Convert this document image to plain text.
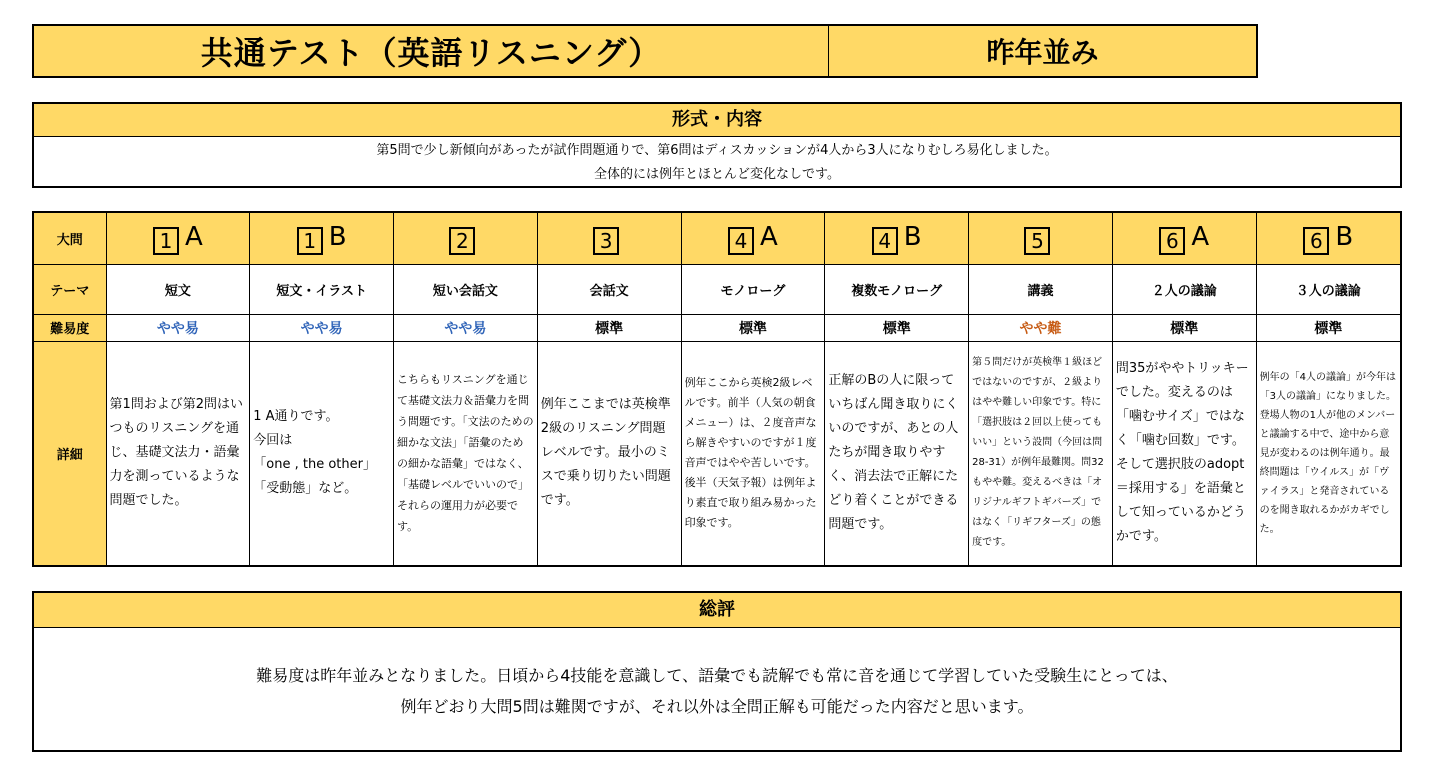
共通テスト（英語リスニング）	昨年並み
形式・内容
第5問で少し新傾向があったが試作問題通りで、第6問はディスカッションが4人から3人になりむしろ易化しました。
全体的には例年とほとんど変化なしです。
大問	1 A	1 B	2	3	4 A	4 B	5	6 A	6 B
テーマ	短文	短文・イラスト	短い会話文	会話文	モノローグ	複数モノローグ	講義	２人の議論	３人の議論
難易度	やや易	やや易	やや易	標準	標準	標準	やや難	標準	標準
詳細	第1問および第2問はいつものリスニングを通じ、基礎文法力・語彙力を測っているような問題でした。	1 A通りです。
今回は
「one , the other」
「受動態」など。	こちらもリスニングを通じて基礎文法力＆語彙力を問う問題です。「文法のための細かな文法」「語彙のための細かな語彙」ではなく、「基礎レベルでいいので」それらの運用力が必要です。	例年ここまでは英検準2級のリスニング問題レベルです。最小のミスで乗り切りたい問題です。	例年ここから英検2級レベルです。前半（人気の朝食メニュー）は、２度音声なら解きやすいのですが１度音声ではやや苦しいです。後半（天気予報）は例年より素直で取り組み易かった印象です。	正解のBの人に限っていちばん聞き取りにくいのですが、あとの人たちが聞き取りやすく、消去法で正解にたどり着くことができる問題です。	第５問だけが英検準１級ほどではないのですが、２級よりはやや難しい印象です。特に「選択肢は２回以上使ってもいい」という設問（今回は問28-31）が例年最難関。問32もやや難。変えるべきは「オリジナルギフトギバーズ」ではなく「リギフターズ」の態度です。	問35がややトリッキーでした。変えるのは「噛むサイズ」ではなく「噛む回数」です。そして選択肢のadopt＝採用する」を語彙として知っているかどうかです。	例年の「4人の議論」が今年は「3人の議論」になりました。登場人物の1人が他のメンバーと議論する中で、途中から意見が変わるのは例年通り。最終問題は「ウイルス」が「ヴァイラス」と発音されているのを聞き取れるかがカギでした。
総評
難易度は昨年並みとなりました。日頃から4技能を意識して、語彙でも読解でも常に音を通じて学習していた受験生にとっては、
例年どおり大問5問は難関ですが、それ以外は全問正解も可能だった内容だと思います。
